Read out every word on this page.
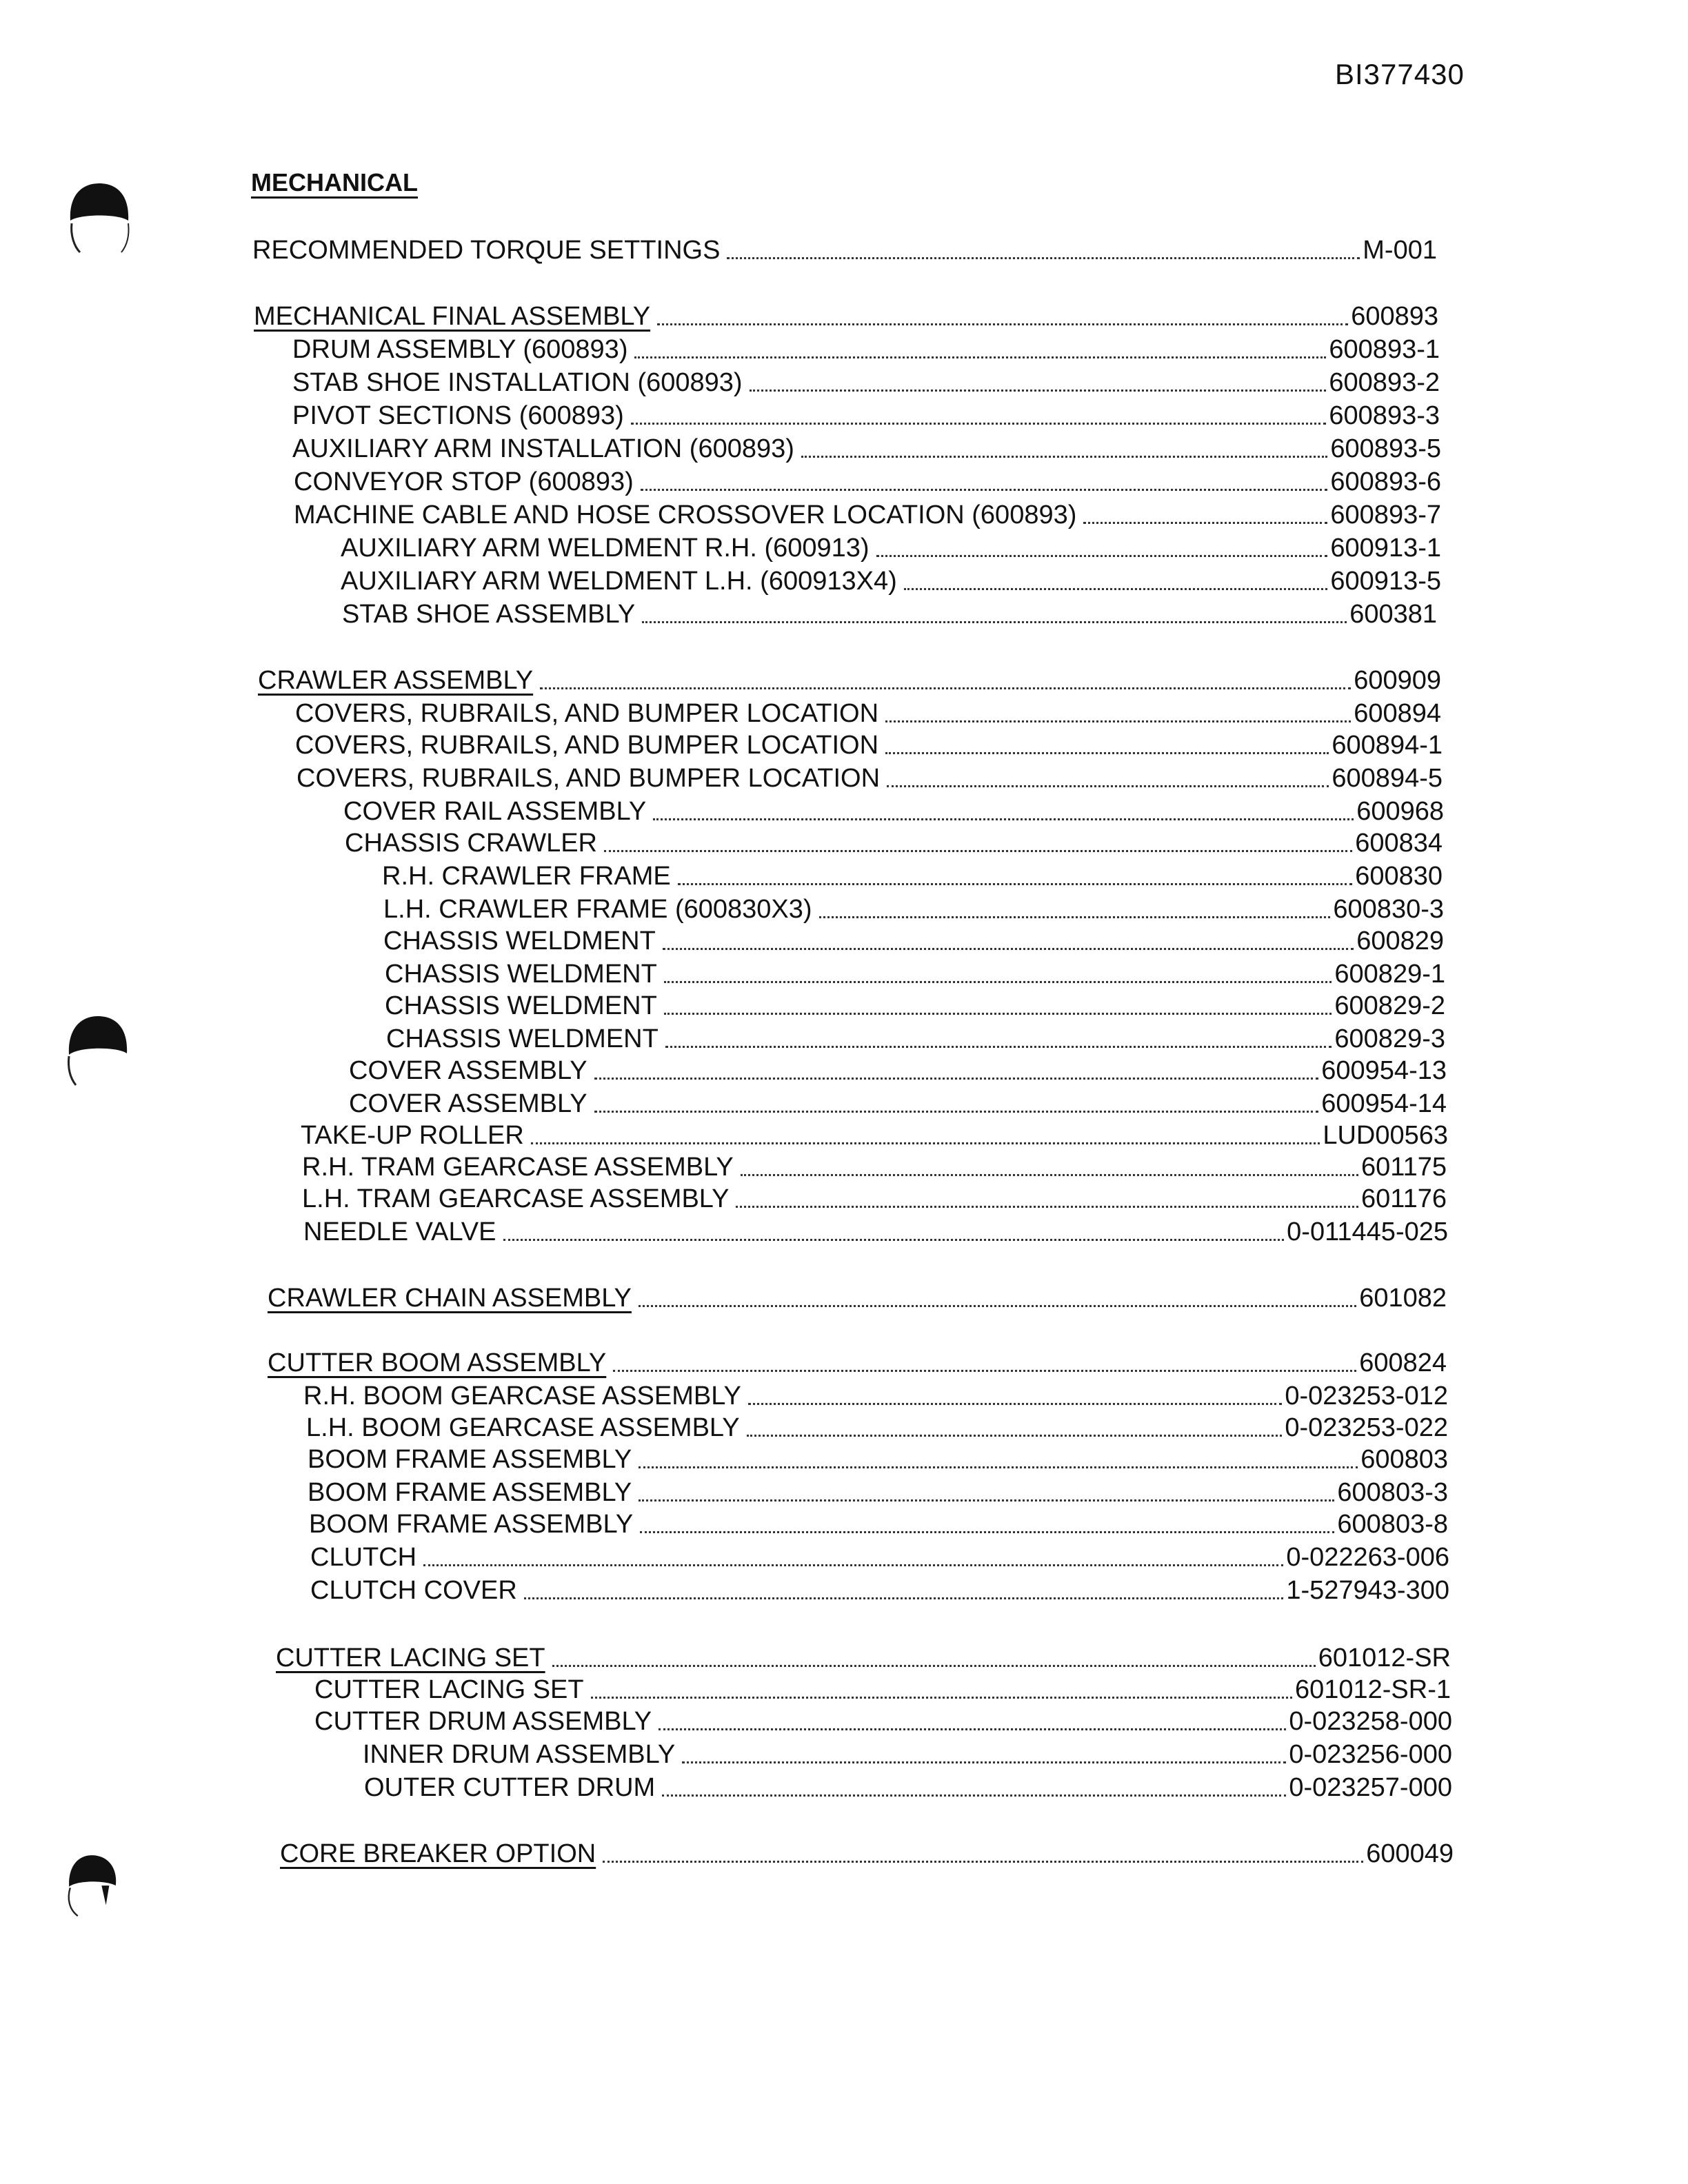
BI377430
MECHANICAL
RECOMMENDED TORQUE SETTINGS	M-001
MECHANICAL FINAL ASSEMBLY	600893
DRUM ASSEMBLY (600893)	600893-1
STAB SHOE INSTALLATION (600893)	600893-2
PIVOT SECTIONS (600893)	600893-3
AUXILIARY ARM INSTALLATION (600893)	600893-5
CONVEYOR STOP (600893)	600893-6
MACHINE CABLE AND HOSE CROSSOVER LOCATION (600893)	600893-7
AUXILIARY ARM WELDMENT R.H. (600913)	600913-1
AUXILIARY ARM WELDMENT L.H. (600913X4)	600913-5
STAB SHOE ASSEMBLY	600381
CRAWLER ASSEMBLY	600909
COVERS, RUBRAILS, AND BUMPER LOCATION	600894
COVERS, RUBRAILS, AND BUMPER LOCATION	600894-1
COVERS, RUBRAILS, AND BUMPER LOCATION	600894-5
COVER RAIL ASSEMBLY	600968
CHASSIS CRAWLER	600834
R.H. CRAWLER FRAME	600830
L.H. CRAWLER FRAME (600830X3)	600830-3
CHASSIS WELDMENT	600829
CHASSIS WELDMENT	600829-1
CHASSIS WELDMENT	600829-2
CHASSIS WELDMENT	600829-3
COVER ASSEMBLY	600954-13
COVER ASSEMBLY	600954-14
TAKE-UP ROLLER	LUD00563
R.H. TRAM GEARCASE ASSEMBLY	601175
L.H. TRAM GEARCASE ASSEMBLY	601176
NEEDLE VALVE	0-011445-025
CRAWLER CHAIN ASSEMBLY	601082
CUTTER BOOM ASSEMBLY	600824
R.H. BOOM GEARCASE ASSEMBLY	0-023253-012
L.H. BOOM GEARCASE ASSEMBLY	0-023253-022
BOOM FRAME ASSEMBLY	600803
BOOM FRAME ASSEMBLY	600803-3
BOOM FRAME ASSEMBLY	600803-8
CLUTCH	0-022263-006
CLUTCH COVER	1-527943-300
CUTTER LACING SET	601012-SR
CUTTER LACING SET	601012-SR-1
CUTTER DRUM ASSEMBLY	0-023258-000
INNER DRUM ASSEMBLY	0-023256-000
OUTER CUTTER DRUM	0-023257-000
CORE BREAKER OPTION	600049
